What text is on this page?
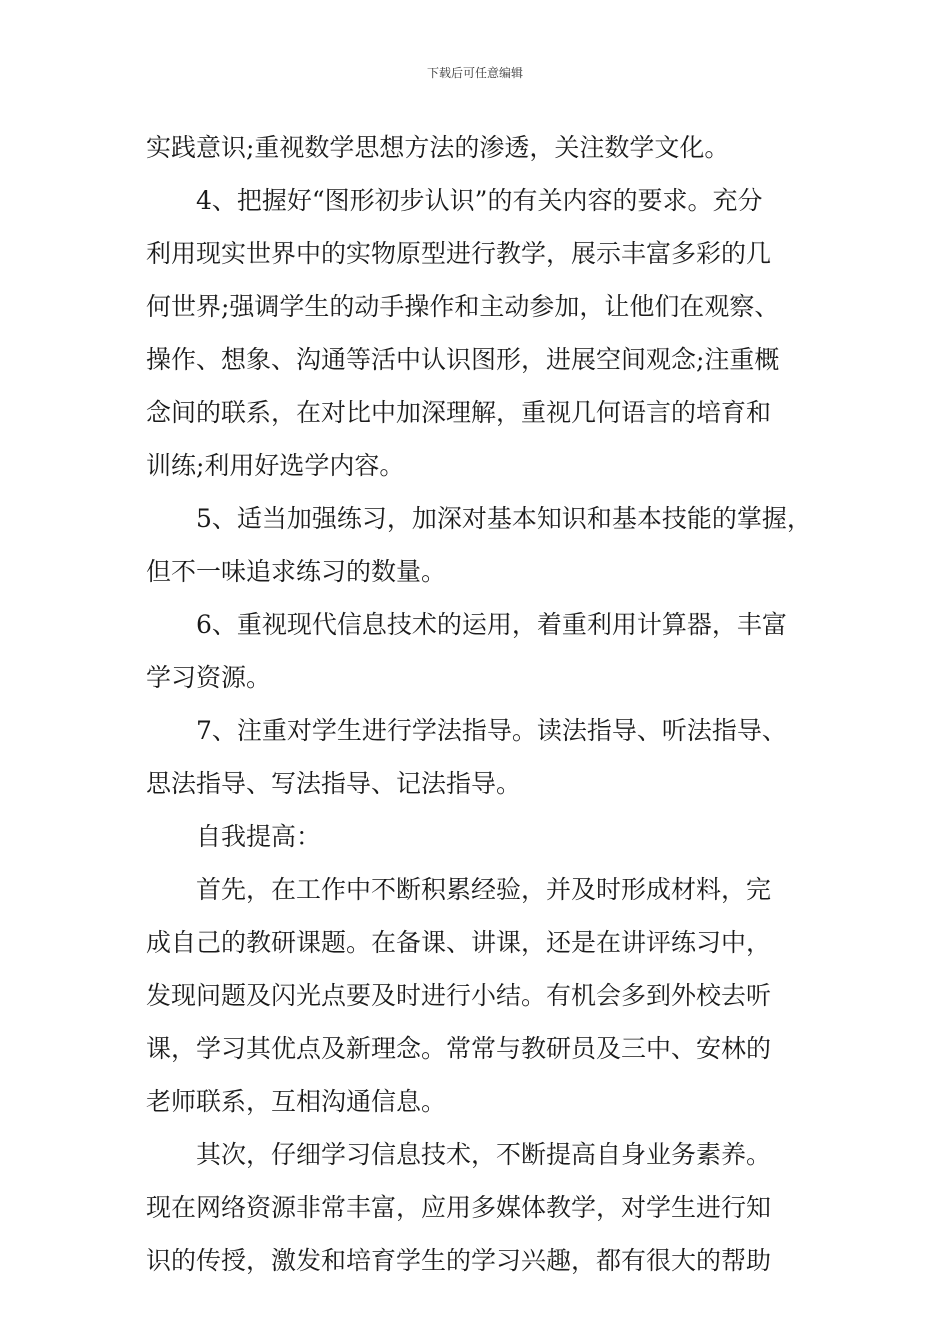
下载后可任意编辑
实践意识;重视数学思想方法的渗透，关注数学文化。
4、把握好“图形初步认识”的有关内容的要求。充分
利用现实世界中的实物原型进行教学，展示丰富多彩的几
何世界;强调学生的动手操作和主动参加，让他们在观察、
操作、想象、沟通等活中认识图形，进展空间观念;注重概
念间的联系，在对比中加深理解，重视几何语言的培育和
训练;利用好选学内容。
5、适当加强练习，加深对基本知识和基本技能的掌握，
但不一味追求练习的数量。
6、重视现代信息技术的运用，着重利用计算器，丰富
学习资源。
7、注重对学生进行学法指导。读法指导、听法指导、
思法指导、写法指导、记法指导。
自我提高：
首先，在工作中不断积累经验，并及时形成材料，完
成自己的教研课题。在备课、讲课，还是在讲评练习中，
发现问题及闪光点要及时进行小结。有机会多到外校去听
课，学习其优点及新理念。常常与教研员及三中、安林的
老师联系，互相沟通信息。
其次，仔细学习信息技术，不断提高自身业务素养。
现在网络资源非常丰富，应用多媒体教学，对学生进行知
识的传授，激发和培育学生的学习兴趣，都有很大的帮助
